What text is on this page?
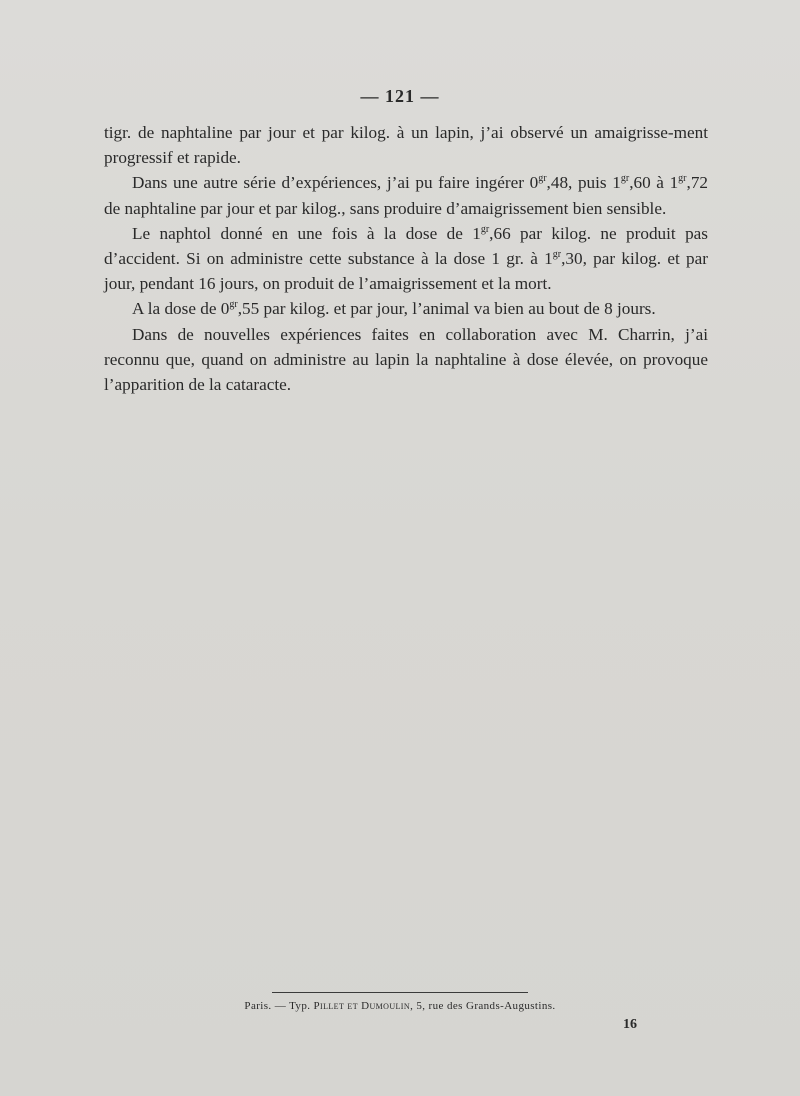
— 121 —

tigr. de naphtaline par jour et par kilog. à un lapin, j’ai observé un amaigrisse-ment progressif et rapide.

Dans une autre série d’expériences, j’ai pu faire ingérer $0^{gr},48$, puis $1^{gr},60$ à $1^{gr},72$ de naphtaline par jour et par kilog., sans produire d’amaigrissement bien sensible.

Le naphtol donné en une fois à la dose de $1^{gr},66$ par kilog. ne produit pas d’accident. Si on administre cette substance à la dose 1 gr. à $1^{gr},30$, par kilog. et par jour, pendant 16 jours, on produit de l’amaigrissement et la mort.

A la dose de $0^{gr},55$ par kilog. et par jour, l’animal va bien au bout de 8 jours.

Dans de nouvelles expériences faites en collaboration avec M. Charrin, j’ai reconnu que, quand on administre au lapin la naphtaline à dose élevée, on provoque l’apparition de la cataracte.

Paris. — Typ. Pillet et Dumoulin, 5, rue des Grands-Augustins.
16
